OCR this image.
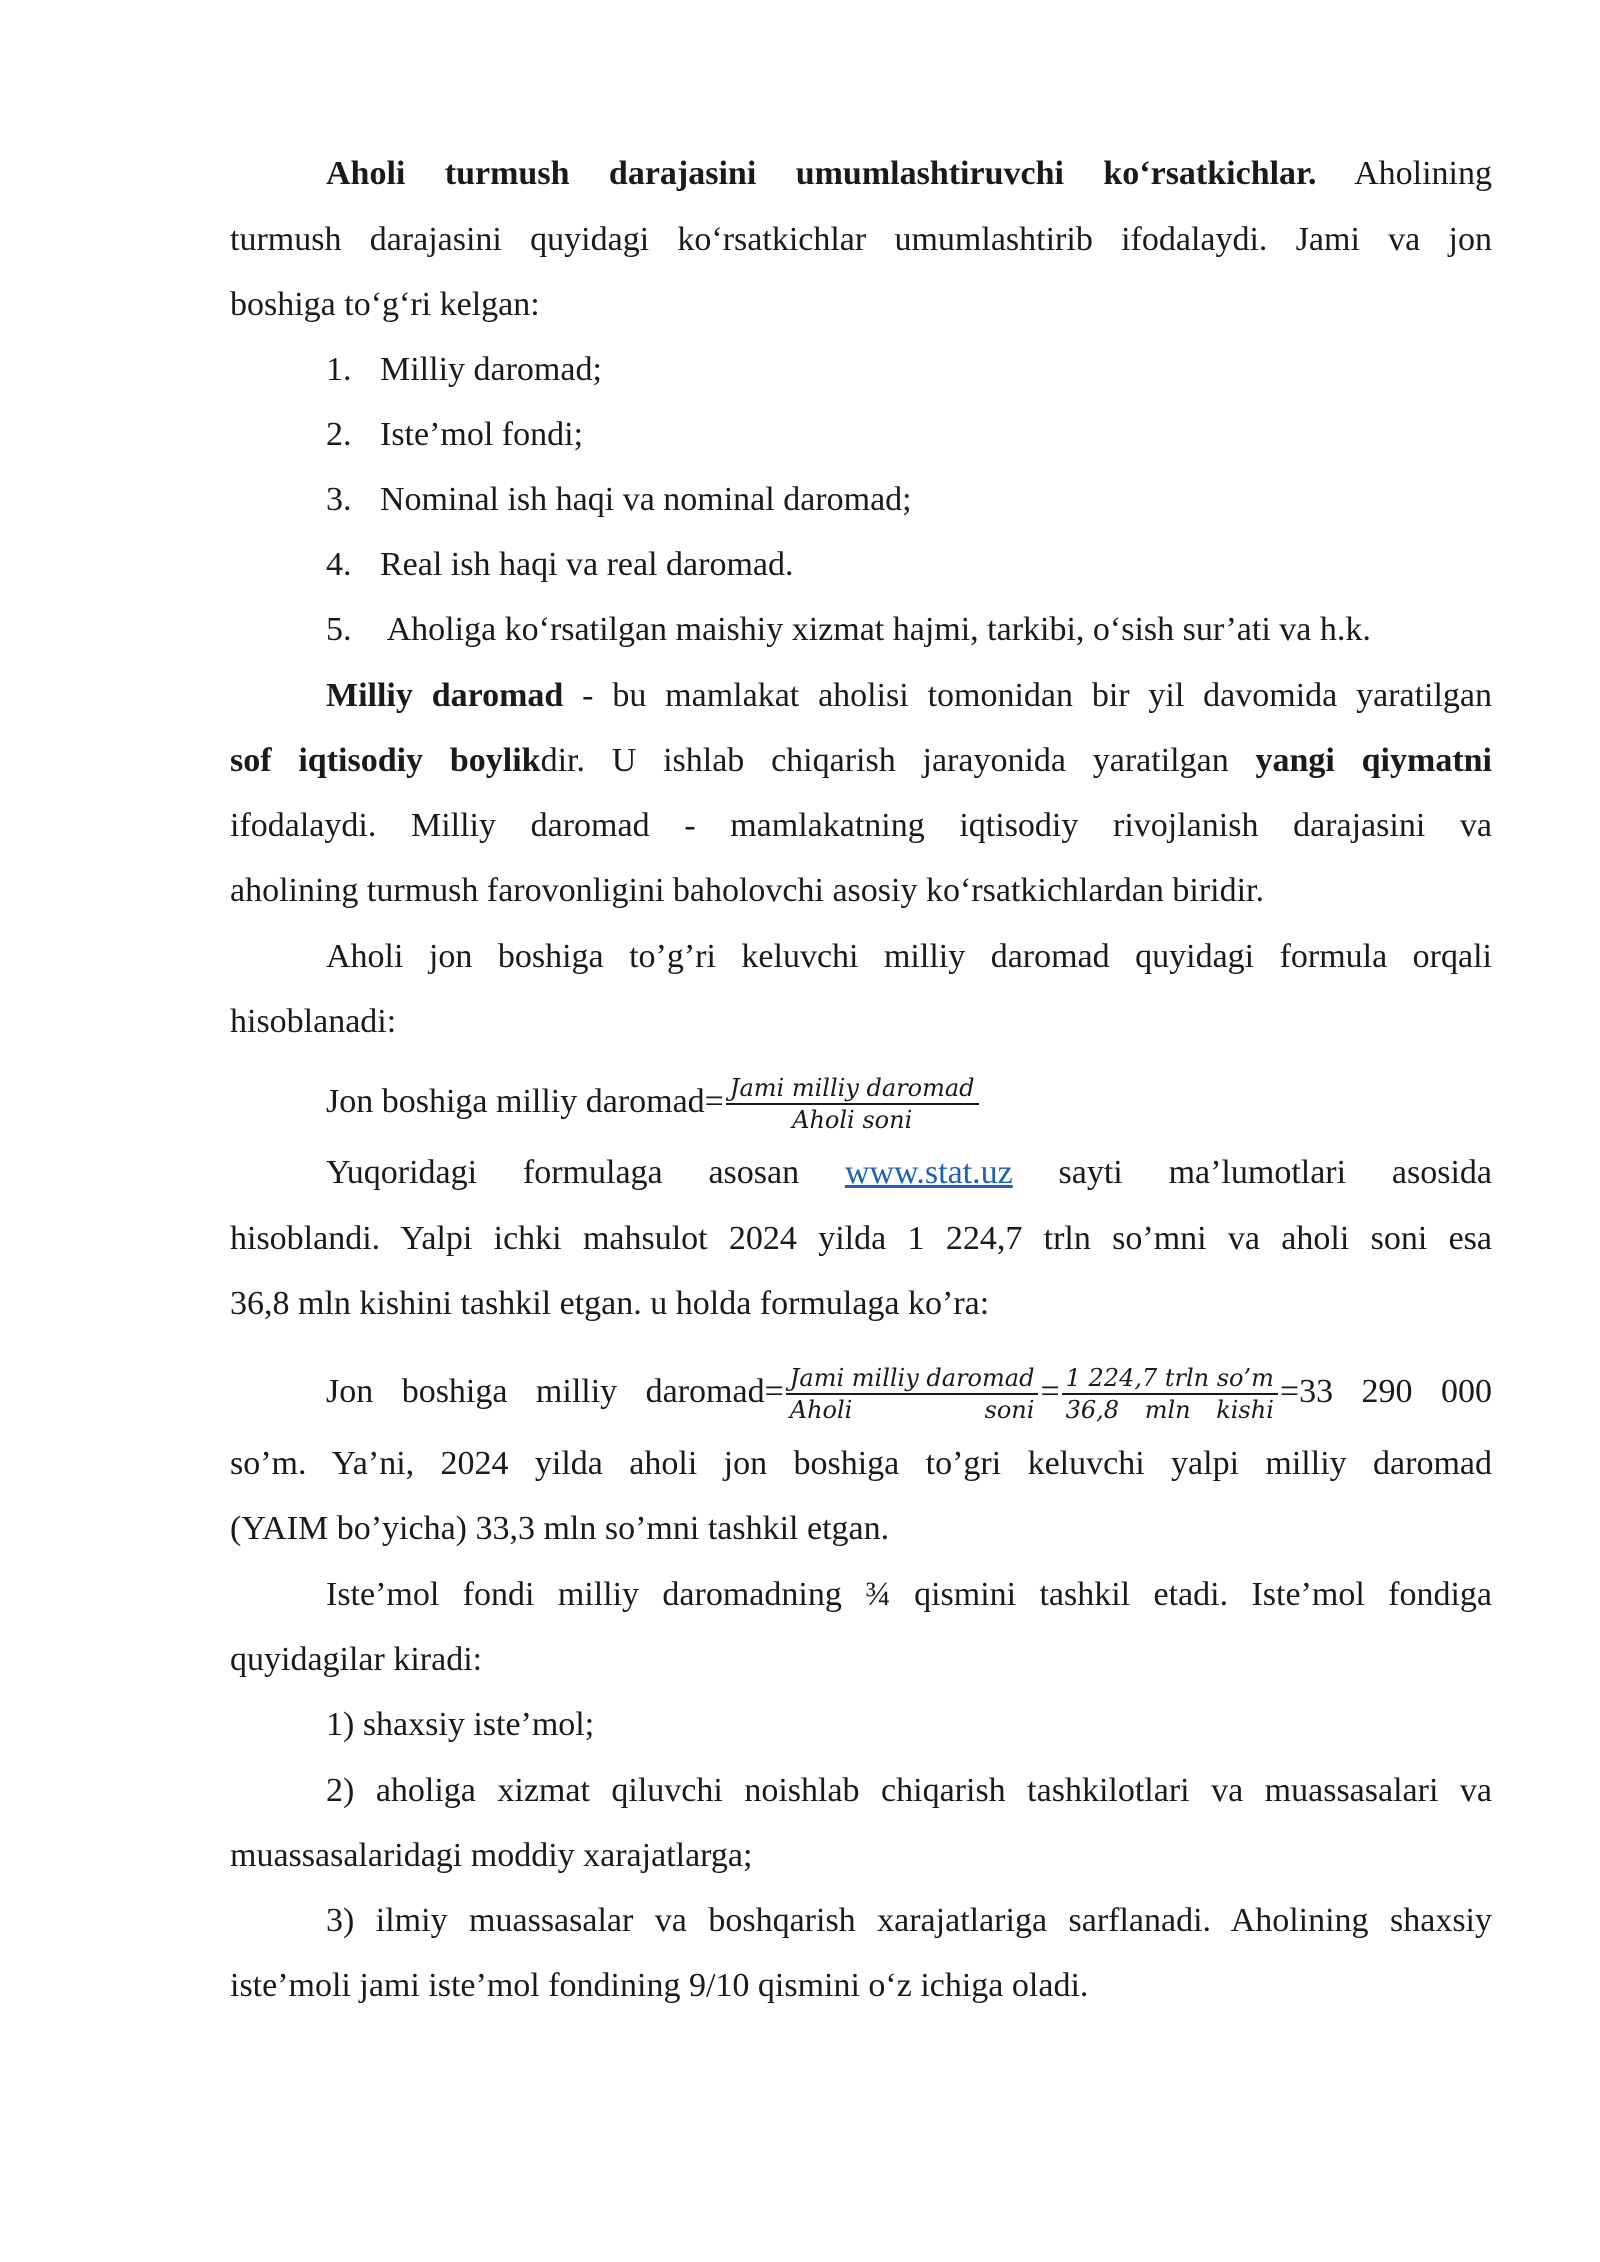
Aholi turmush darajasini umumlashtiruvchi ko‘rsatkichlar. Aholining
turmush darajasini quyidagi ko‘rsatkichlar umumlashtirib ifodalaydi. Jami va jon
boshiga to‘g‘ri kelgan:
1. Milliy daromad;
2. Iste’mol fondi;
3. Nominal ish haqi va nominal daromad;
4. Real ish haqi va real daromad.
5. Aholiga ko‘rsatilgan maishiy xizmat hajmi, tarkibi, o‘sish sur’ati va h.k.
Milliy daromad - bu mamlakat aholisi tomonidan bir yil davomida yaratilgan
sof iqtisodiy boylikdir. U ishlab chiqarish jarayonida yaratilgan yangi qiymatni
ifodalaydi. Milliy daromad - mamlakatning iqtisodiy rivojlanish darajasini va
aholining turmush farovonligini baholovchi asosiy ko‘rsatkichlardan biridir.
Aholi jon boshiga to’g’ri keluvchi milliy daromad quyidagi formula orqali
hisoblanadi:
Jon boshiga milliy daromad= $\frac{\text{Jami milliy daromad}}{\text{Aholi soni}}$
Yuqoridagi formulaga asosan www.stat.uz sayti ma’lumotlari asosida
hisoblandi. Yalpi ichki mahsulot 2024 yilda 1 224,7 trln so’mni va aholi soni esa
36,8 mln kishini tashkil etgan. u holda formulaga ko’ra:
Jon boshiga milliy daromad= $\frac{\text{Jami milliy daromad}}{\text{Aholi soni}} = \frac{\text{1 224,7 trln so’m}}{\text{36,8 mln kishi}} =33$ 290 000
so’m. Ya’ni, 2024 yilda aholi jon boshiga to’gri keluvchi yalpi milliy daromad
(YAIM bo’yicha) 33,3 mln so’mni tashkil etgan.
Iste’mol fondi milliy daromadning ¾ qismini tashkil etadi. Iste’mol fondiga
quyidagilar kiradi:
1) shaxsiy iste’mol;
2) aholiga xizmat qiluvchi noishlab chiqarish tashkilotlari va muassasalari va
muassasalaridagi moddiy xarajatlarga;
3) ilmiy muassasalar va boshqarish xarajatlariga sarflanadi. Aholining shaxsiy
iste’moli jami iste’mol fondining 9/10 qismini o‘z ichiga oladi.
